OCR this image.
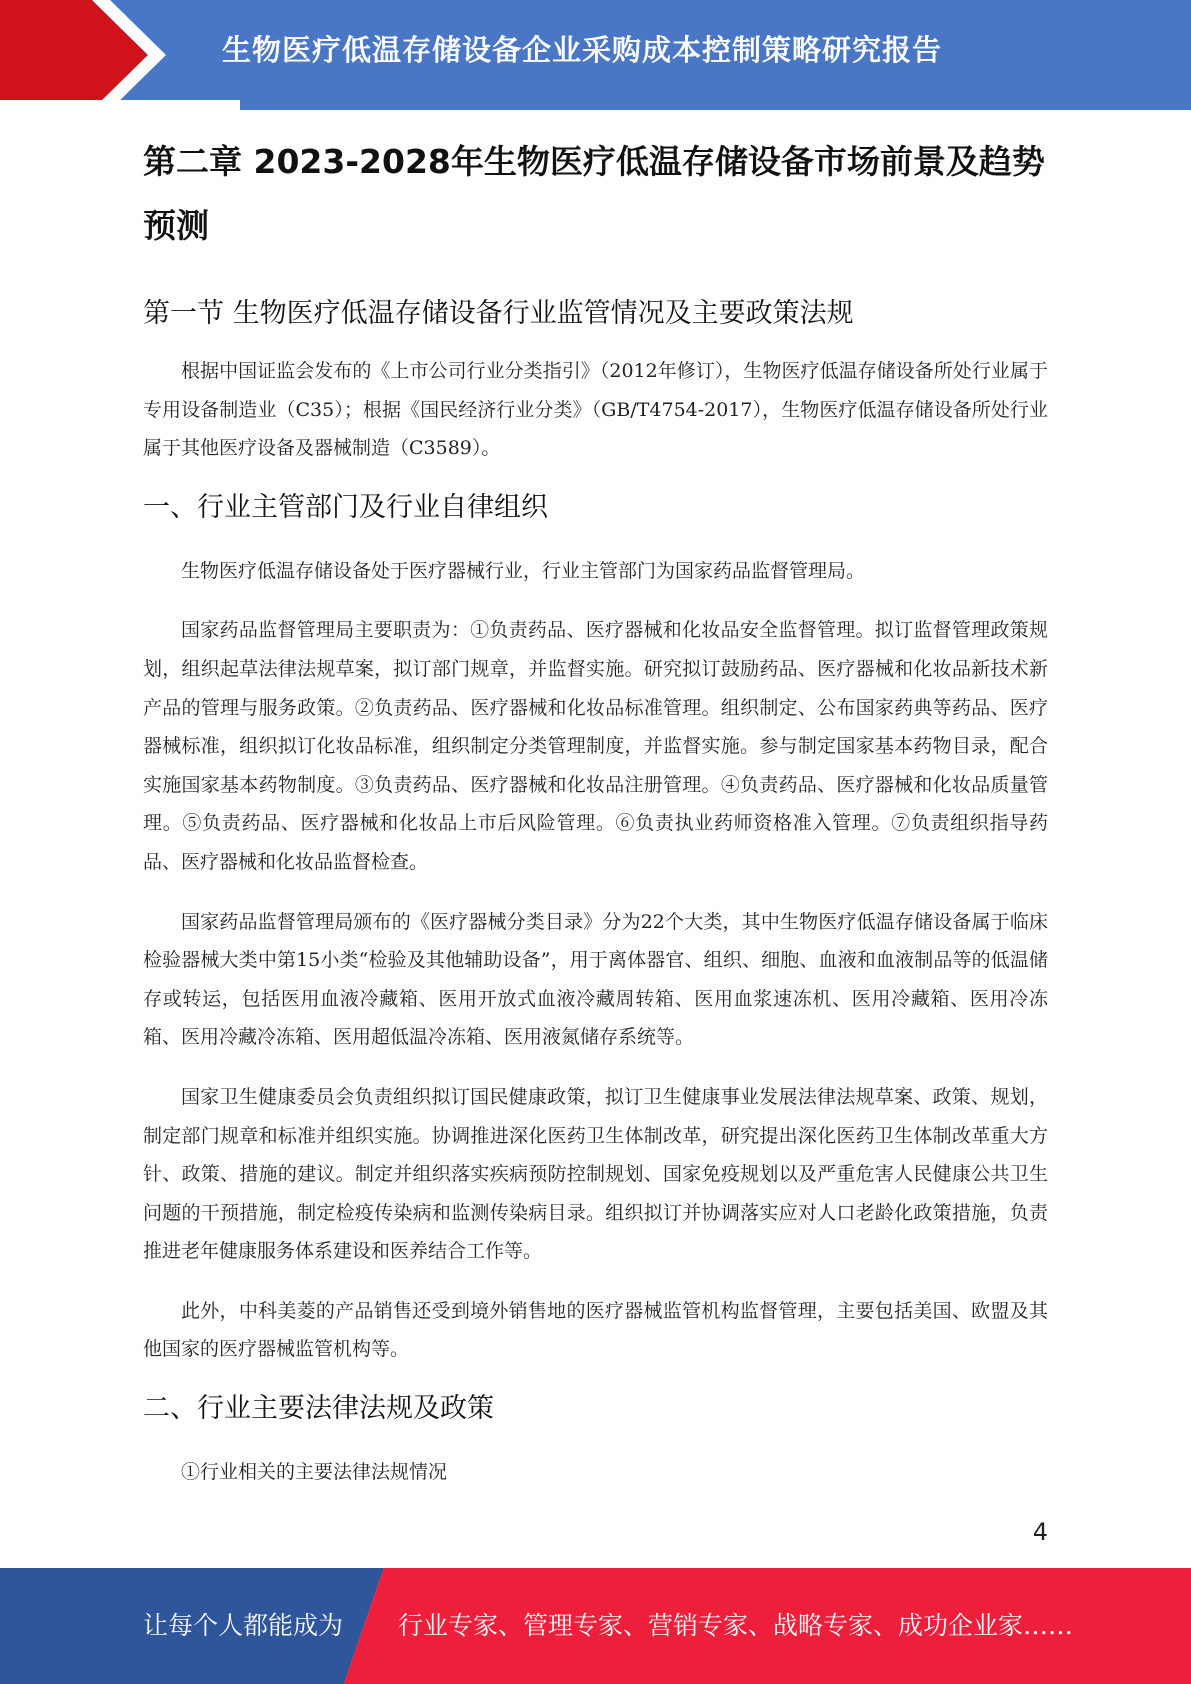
生物医疗低温存储设备企业采购成本控制策略研究报告
第二章 2023-2028年生物医疗低温存储设备市场前景及趋势预测
第一节 生物医疗低温存储设备行业监管情况及主要政策法规

根据中国证监会发布的《上市公司行业分类指引》（2012年修订），生物医疗低温存储设备所处行业属于专用设备制造业（C35）；根据《国民经济行业分类》（GB/T4754-2017），生物医疗低温存储设备所处行业属于其他医疗设备及器械制造（C3589）。

一、行业主管部门及行业自律组织

生物医疗低温存储设备处于医疗器械行业，行业主管部门为国家药品监督管理局。

国家药品监督管理局主要职责为：①负责药品、医疗器械和化妆品安全监督管理。拟订监督管理政策规划，组织起草法律法规草案，拟订部门规章，并监督实施。研究拟订鼓励药品、医疗器械和化妆品新技术新产品的管理与服务政策。②负责药品、医疗器械和化妆品标准管理。组织制定、公布国家药典等药品、医疗器械标准，组织拟订化妆品标准，组织制定分类管理制度，并监督实施。参与制定国家基本药物目录，配合实施国家基本药物制度。③负责药品、医疗器械和化妆品注册管理。④负责药品、医疗器械和化妆品质量管理。⑤负责药品、医疗器械和化妆品上市后风险管理。⑥负责执业药师资格准入管理。⑦负责组织指导药品、医疗器械和化妆品监督检查。

国家药品监督管理局颁布的《医疗器械分类目录》分为22个大类，其中生物医疗低温存储设备属于临床检验器械大类中第15小类“检验及其他辅助设备”，用于离体器官、组织、细胞、血液和血液制品等的低温储存或转运，包括医用血液冷藏箱、医用开放式血液冷藏周转箱、医用血浆速冻机、医用冷藏箱、医用冷冻箱、医用冷藏冷冻箱、医用超低温冷冻箱、医用液氮储存系统等。

国家卫生健康委员会负责组织拟订国民健康政策，拟订卫生健康事业发展法律法规草案、政策、规划，制定部门规章和标准并组织实施。协调推进深化医药卫生体制改革，研究提出深化医药卫生体制改革重大方针、政策、措施的建议。制定并组织落实疾病预防控制规划、国家免疫规划以及严重危害人民健康公共卫生问题的干预措施，制定检疫传染病和监测传染病目录。组织拟订并协调落实应对人口老龄化政策措施，负责推进老年健康服务体系建设和医养结合工作等。

此外，中科美菱的产品销售还受到境外销售地的医疗器械监管机构监督管理，主要包括美国、欧盟及其他国家的医疗器械监管机构等。

二、行业主要法律法规及政策

①行业相关的主要法律法规情况

4
让每个人都能成为 行业专家、管理专家、营销专家、战略专家、成功企业家……
